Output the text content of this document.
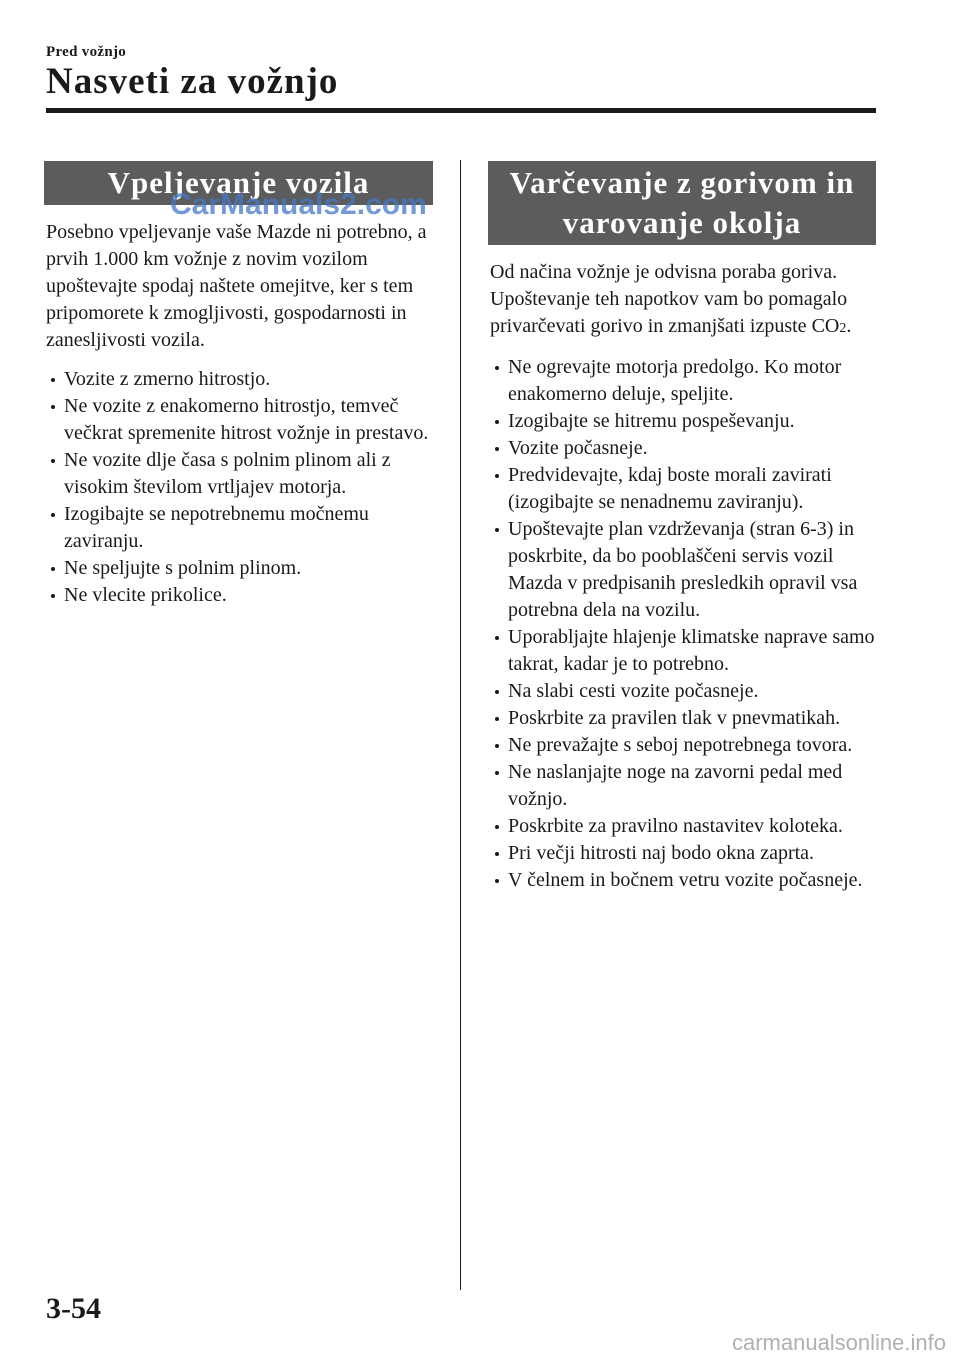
Pred vožnjo
Nasveti za vožnjo
Vpeljevanje vozila

Posebno vpeljevanje vaše Mazde ni potrebno, a prvih 1.000 km vožnje z novim vozilom upoštevajte spodaj naštete omejitve, ker s tem pripomorete k zmogljivosti, gospodarnosti in zanesljivosti vozila.

Vozite z zmerno hitrostjo.
Ne vozite z enakomerno hitrostjo, temveč večkrat spremenite hitrost vožnje in prestavo.
Ne vozite dlje časa s polnim plinom ali z visokim številom vrtljajev motorja.
Izogibajte se nepotrebnemu močnemu zaviranju.
Ne speljujte s polnim plinom.
Ne vlecite prikolice.
Varčevanje z gorivom in varovanje okolja

Od načina vožnje je odvisna poraba goriva. Upoštevanje teh napotkov vam bo pomagalo privarčevati gorivo in zmanjšati izpuste CO2.

Ne ogrevajte motorja predolgo. Ko motor enakomerno deluje, speljite.
Izogibajte se hitremu pospeševanju.
Vozite počasneje.
Predvidevajte, kdaj boste morali zavirati (izogibajte se nenadnemu zaviranju).
Upoštevajte plan vzdrževanja (stran 6-3) in poskrbite, da bo pooblaščeni servis vozil Mazda v predpisanih presledkih opravil vsa potrebna dela na vozilu.
Uporabljajte hlajenje klimatske naprave samo takrat, kadar je to potrebno.
Na slabi cesti vozite počasneje.
Poskrbite za pravilen tlak v pnevmatikah.
Ne prevažajte s seboj nepotrebnega tovora.
Ne naslanjajte noge na zavorni pedal med vožnjo.
Poskrbite za pravilno nastavitev koloteka.
Pri večji hitrosti naj bodo okna zaprta.
V čelnem in bočnem vetru vozite počasneje.
CarManuals2.com
3-54
carmanualsonline.info
